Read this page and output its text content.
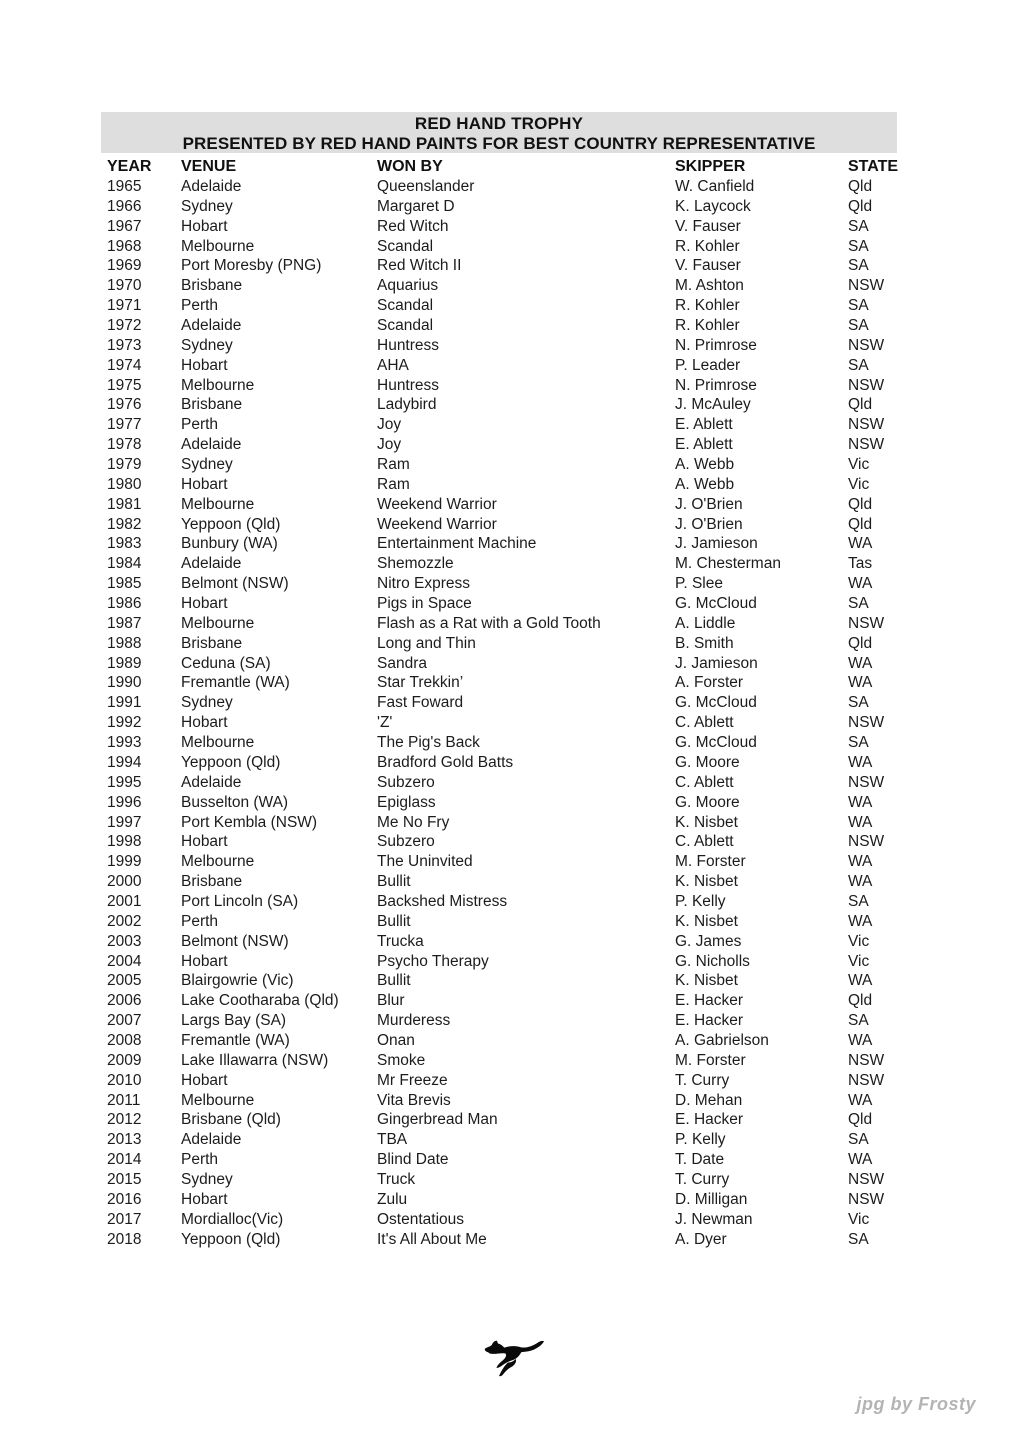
RED HAND TROPHY
PRESENTED BY RED HAND PAINTS FOR BEST COUNTRY REPRESENTATIVE
YEAR	VENUE	WON BY	SKIPPER	STATE
1965	Adelaide	Queenslander	W. Canfield	Qld
1966	Sydney	Margaret D	K. Laycock	Qld
1967	Hobart	Red Witch	V. Fauser	SA
1968	Melbourne	Scandal	R. Kohler	SA
1969	Port Moresby (PNG)	Red Witch II	V. Fauser	SA
1970	Brisbane	Aquarius	M. Ashton	NSW
1971	Perth	Scandal	R. Kohler	SA
1972	Adelaide	Scandal	R. Kohler	SA
1973	Sydney	Huntress	N. Primrose	NSW
1974	Hobart	AHA	P. Leader	SA
1975	Melbourne	Huntress	N. Primrose	NSW
1976	Brisbane	Ladybird	J. McAuley	Qld
1977	Perth	Joy	E. Ablett	NSW
1978	Adelaide	Joy	E. Ablett	NSW
1979	Sydney	Ram	A. Webb	Vic
1980	Hobart	Ram	A. Webb	Vic
1981	Melbourne	Weekend Warrior	J. O'Brien	Qld
1982	Yeppoon (Qld)	Weekend Warrior	J. O'Brien	Qld
1983	Bunbury (WA)	Entertainment Machine	J. Jamieson	WA
1984	Adelaide	Shemozzle	M. Chesterman	Tas
1985	Belmont (NSW)	Nitro Express	P. Slee	WA
1986	Hobart	Pigs in Space	G. McCloud	SA
1987	Melbourne	Flash as a Rat with a Gold Tooth	A. Liddle	NSW
1988	Brisbane	Long and Thin	B. Smith	Qld
1989	Ceduna (SA)	Sandra	J. Jamieson	WA
1990	Fremantle (WA)	Star Trekkin’	A. Forster	WA
1991	Sydney	Fast Foward	G. McCloud	SA
1992	Hobart	'Z'	C. Ablett	NSW
1993	Melbourne	The Pig's Back	G. McCloud	SA
1994	Yeppoon (Qld)	Bradford Gold Batts	G. Moore	WA
1995	Adelaide	Subzero	C. Ablett	NSW
1996	Busselton (WA)	Epiglass	G. Moore	WA
1997	Port Kembla (NSW)	Me No Fry	K. Nisbet	WA
1998	Hobart	Subzero	C. Ablett	NSW
1999	Melbourne	The Uninvited	M. Forster	WA
2000	Brisbane	Bullit	K. Nisbet	WA
2001	Port Lincoln (SA)	Backshed Mistress	P. Kelly	SA
2002	Perth	Bullit	K. Nisbet	WA
2003	Belmont (NSW)	Trucka	G. James	Vic
2004	Hobart	Psycho Therapy	G. Nicholls	Vic
2005	Blairgowrie (Vic)	Bullit	K. Nisbet	WA
2006	Lake Cootharaba (Qld)	Blur	E. Hacker	Qld
2007	Largs Bay (SA)	Murderess	E. Hacker	SA
2008	Fremantle (WA)	Onan	A. Gabrielson	WA
2009	Lake Illawarra (NSW)	Smoke	M. Forster	NSW
2010	Hobart	Mr Freeze	T. Curry	NSW
2011	Melbourne	Vita Brevis	D. Mehan	WA
2012	Brisbane (Qld)	Gingerbread Man	E. Hacker	Qld
2013	Adelaide	TBA	P. Kelly	SA
2014	Perth	Blind Date	T. Date	WA
2015	Sydney	Truck	T. Curry	NSW
2016	Hobart	Zulu	D. Milligan	NSW
2017	Mordialloc(Vic)	Ostentatious	J. Newman	Vic
2018	Yeppoon (Qld)	It's All About Me	A. Dyer	SA
jpg by Frosty
